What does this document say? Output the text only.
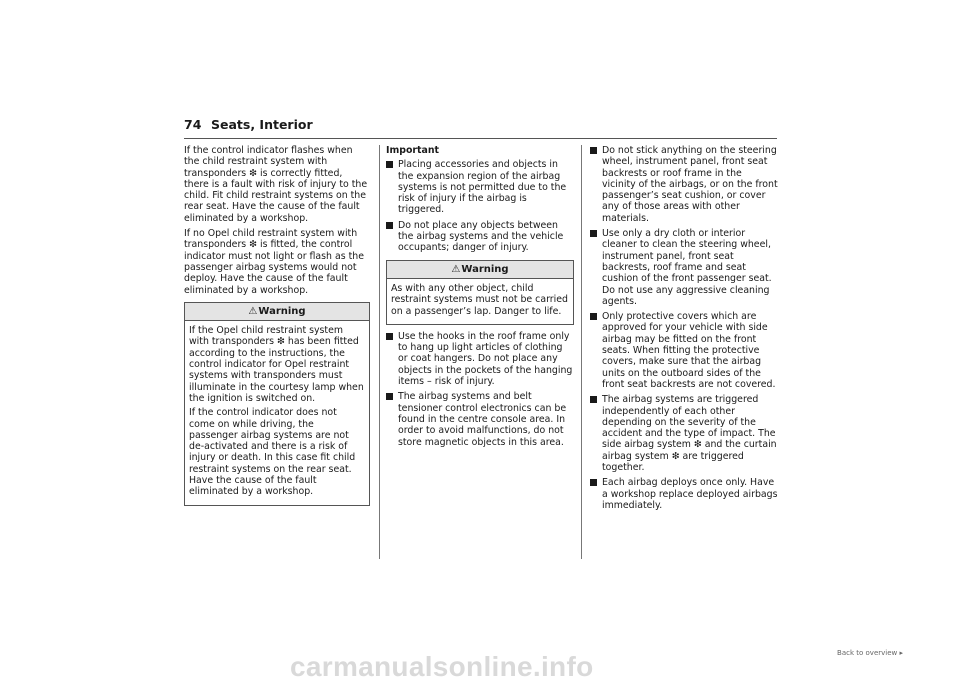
74 Seats, Interior

If the control indicator flashes when the child restraint system with transponders ❇ is correctly fitted, there is a fault with risk of injury to the child. Fit child restraint systems on the rear seat. Have the cause of the fault eliminated by a workshop.

If no Opel child restraint system with transponders ❇ is fitted, the control indicator must not light or flash as the passenger airbag systems would not deploy. Have the cause of the fault eliminated by a workshop.

⚠Warning

If the Opel child restraint system with transponders ❇ has been fitted according to the instructions, the control indicator for Opel restraint systems with transponders must illuminate in the courtesy lamp when the ignition is switched on.

If the control indicator does not come on while driving, the passenger airbag systems are not de-activated and there is a risk of injury or death. In this case fit child restraint systems on the rear seat. Have the cause of the fault eliminated by a workshop.

Important

Placing accessories and objects in the expansion region of the airbag systems is not permitted due to the risk of injury if the airbag is triggered.
Do not place any objects between the airbag systems and the vehicle occupants; danger of injury.
⚠Warning

As with any other object, child restraint systems must not be carried on a passenger’s lap. Danger to life.

Use the hooks in the roof frame only to hang up light articles of clothing or coat hangers. Do not place any objects in the pockets of the hanging items – risk of injury.
The airbag systems and belt tensioner control electronics can be found in the centre console area. In order to avoid malfunctions, do not store magnetic objects in this area.
Do not stick anything on the steering wheel, instrument panel, front seat backrests or roof frame in the vicinity of the airbags, or on the front passenger’s seat cushion, or cover any of those areas with other materials.
Use only a dry cloth or interior cleaner to clean the steering wheel, instrument panel, front seat backrests, roof frame and seat cushion of the front passenger seat. Do not use any aggressive cleaning agents.
Only protective covers which are approved for your vehicle with side airbag may be fitted on the front seats. When fitting the protective covers, make sure that the airbag units on the outboard sides of the front seat backrests are not covered.
The airbag systems are triggered independently of each other depending on the severity of the accident and the type of impact. The side airbag system ❇ and the curtain airbag system ❇ are triggered together.
Each airbag deploys once only. Have a workshop replace deployed airbags immediately.
Back to overview ▸
carmanualsonline.info
